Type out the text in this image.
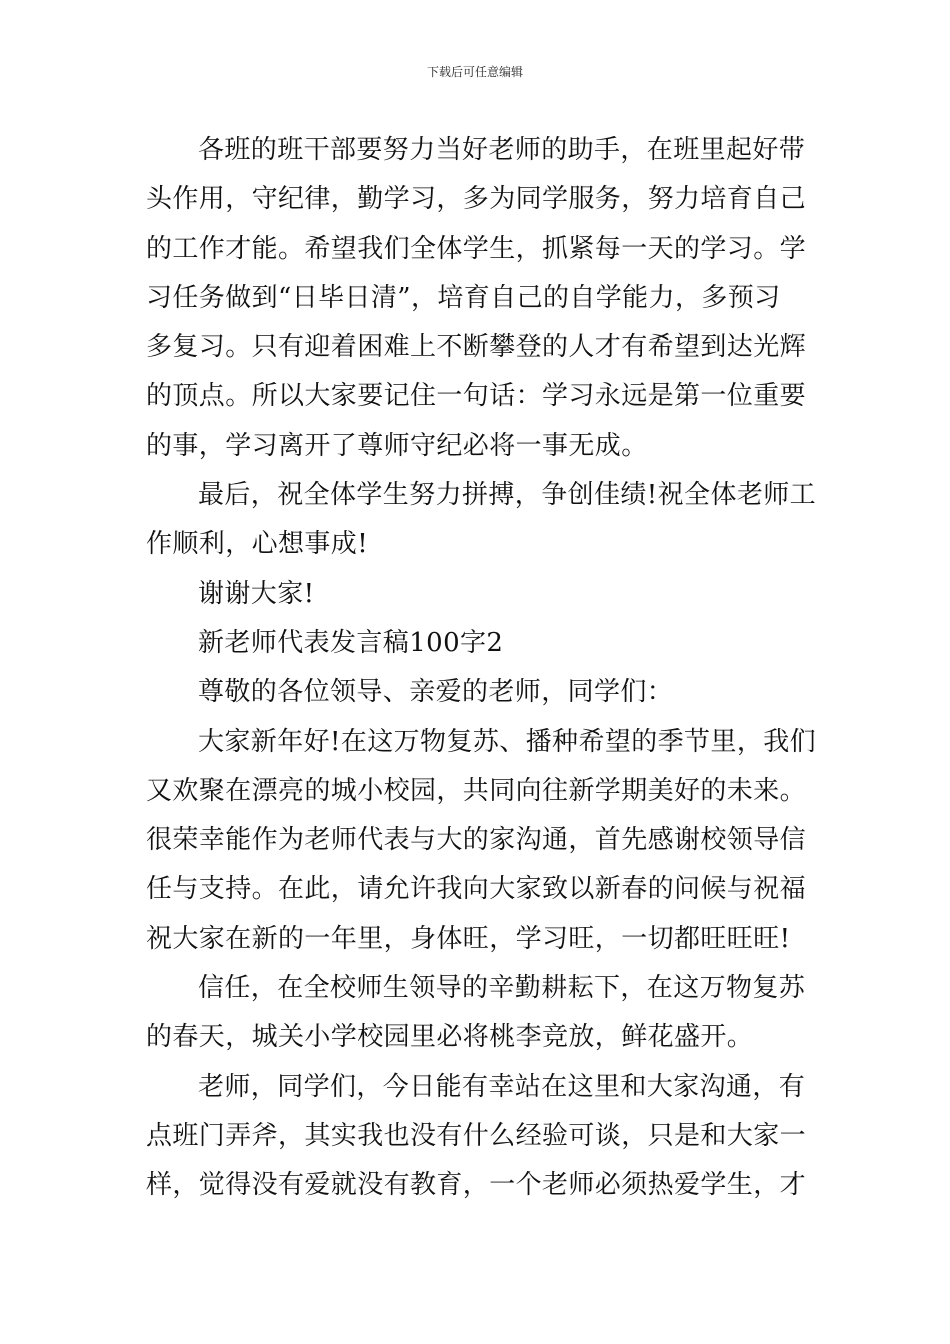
下载后可任意编辑
各班的班干部要努力当好老师的助手，在班里起好带
头作用，守纪律，勤学习，多为同学服务，努力培育自己
的工作才能。希望我们全体学生，抓紧每一天的学习。学
习任务做到“日毕日清”，培育自己的自学能力，多预习
多复习。只有迎着困难上不断攀登的人才有希望到达光辉
的顶点。所以大家要记住一句话：学习永远是第一位重要
的事，学习离开了尊师守纪必将一事无成。
最后，祝全体学生努力拼搏，争创佳绩!祝全体老师工
作顺利，心想事成!
谢谢大家!
新老师代表发言稿100字2
尊敬的各位领导、亲爱的老师，同学们：
大家新年好!在这万物复苏、播种希望的季节里，我们
又欢聚在漂亮的城小校园，共同向往新学期美好的未来。
很荣幸能作为老师代表与大的家沟通，首先感谢校领导信
任与支持。在此，请允许我向大家致以新春的问候与祝福
祝大家在新的一年里，身体旺，学习旺，一切都旺旺旺!
信任，在全校师生领导的辛勤耕耘下，在这万物复苏
的春天，城关小学校园里必将桃李竞放，鲜花盛开。
老师，同学们，今日能有幸站在这里和大家沟通，有
点班门弄斧，其实我也没有什么经验可谈，只是和大家一
样，觉得没有爱就没有教育，一个老师必须热爱学生，才
